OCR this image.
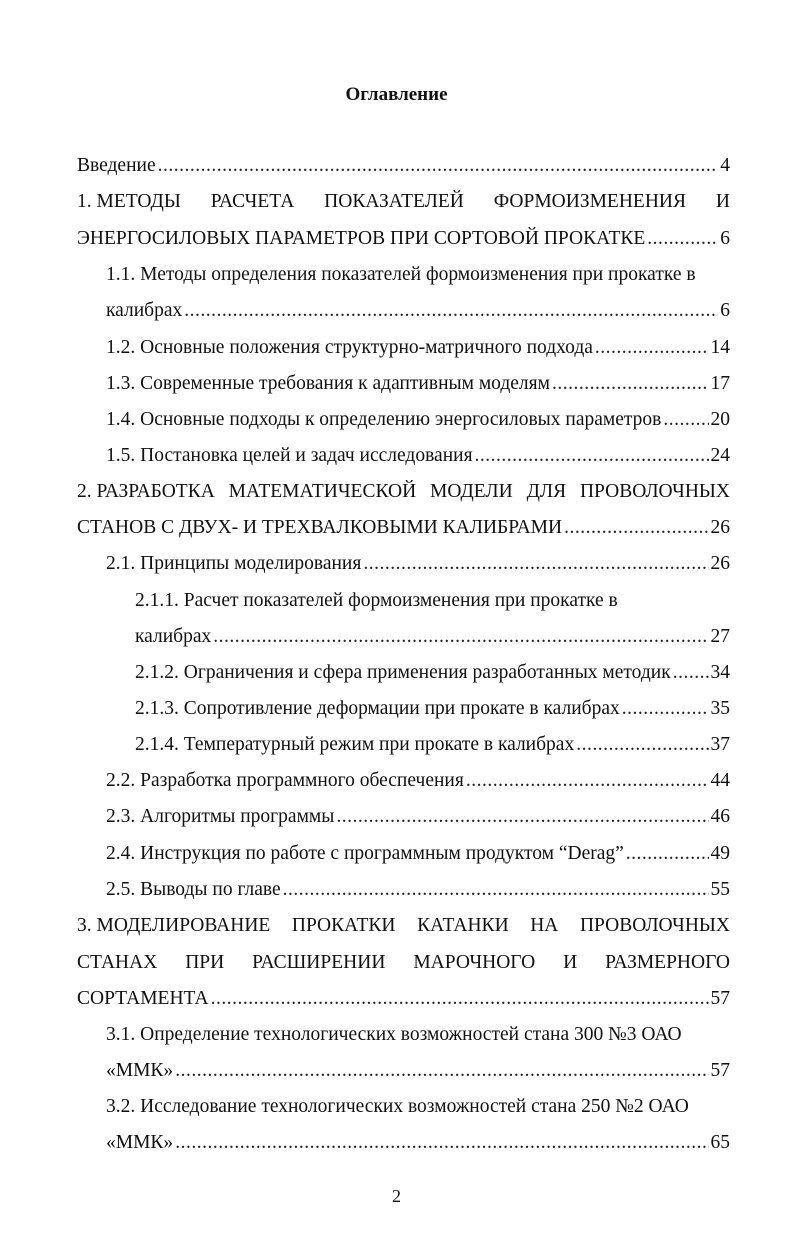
Оглавление
Введение .....	4
1. МЕТОДЫ РАСЧЕТА ПОКАЗАТЕЛЕЙ ФОРМОИЗМЕНЕНИЯ И
ЭНЕРГОСИЛОВЫХ ПАРАМЕТРОВ ПРИ СОРТОВОЙ ПРОКАТКЕ .....	6
1.1. Методы определения показателей формоизменения при прокатке в
калибрах .....	6
1.2. Основные положения структурно-матричного подхода .....	14
1.3. Современные требования к адаптивным моделям .....	17
1.4. Основные подходы к определению энергосиловых параметров .....	20
1.5. Постановка целей и задач исследования .....	24
2. РАЗРАБОТКА МАТЕМАТИЧЕСКОЙ МОДЕЛИ ДЛЯ ПРОВОЛОЧНЫХ
СТАНОВ С ДВУХ- И ТРЕХВАЛКОВЫМИ КАЛИБРАМИ .....	26
2.1. Принципы моделирования .....	26
2.1.1. Расчет показателей формоизменения при прокатке в
калибрах .....	27
2.1.2. Ограничения и сфера применения разработанных методик ..... 34
2.1.3. Сопротивление деформации при прокате в калибрах .....	35
2.1.4. Температурный режим при прокате в калибрах .....	37
2.2. Разработка программного обеспечения .....	44
2.3. Алгоритмы программы .....	46
2.4. Инструкция по работе с программным продуктом “Derag” .....	49
2.5. Выводы по главе .....	55
3. МОДЕЛИРОВАНИЕ ПРОКАТКИ КАТАНКИ НА ПРОВОЛОЧНЫХ
СТАНАХ ПРИ РАСШИРЕНИИ МАРОЧНОГО И РАЗМЕРНОГО
СОРТАМЕНТА .....	57
3.1. Определение технологических возможностей стана 300 №3 ОАО
«ММК» .....	57
3.2. Исследование технологических возможностей стана 250 №2 ОАО
«ММК» .....	65
2
